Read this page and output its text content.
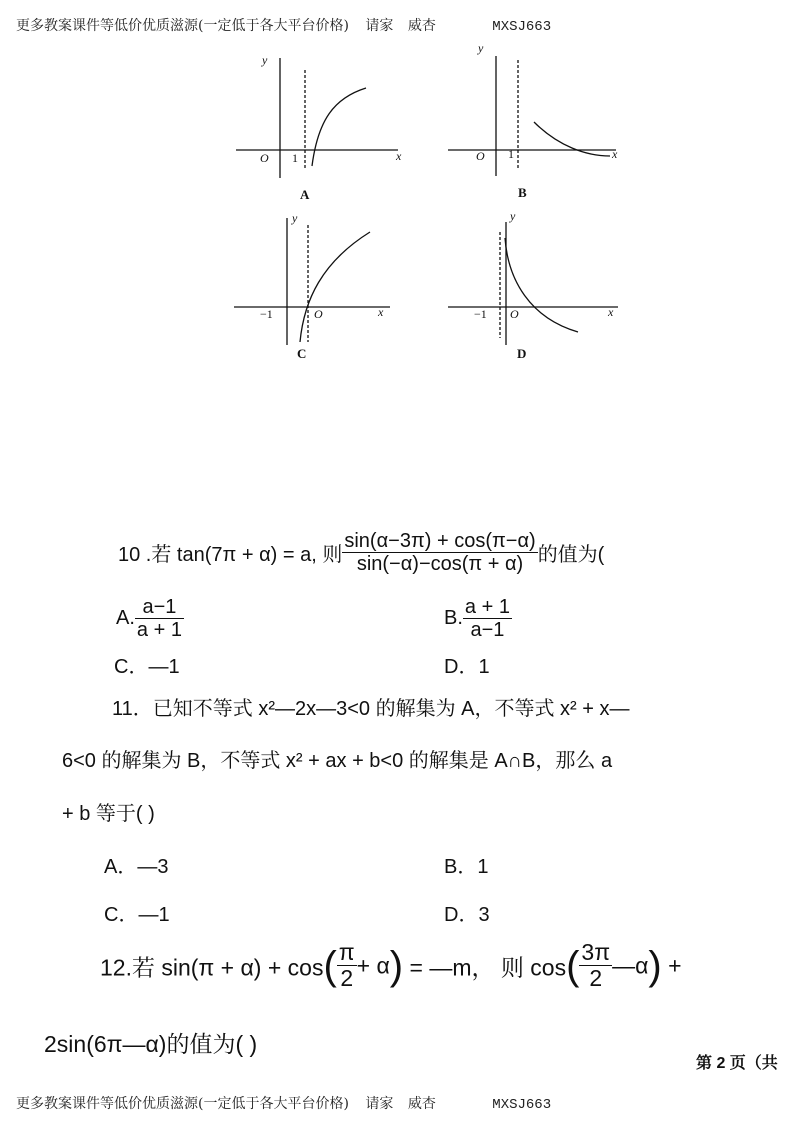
更多教案课件等低价优质滋源(一定低于各大平台价格) 请家 威杏	MXSJ663
y
x
O
y
x
O
y
x
O
y
x
O
1	1
−1	−1
A	B
C	D
10 .若 tan(7π + α) = a, 则 $\frac{\sin(\alpha-3\pi) + \cos(\pi-\alpha)}{\sin(-\alpha)-\cos(\pi + \alpha)}$ 的值为(
A. $\frac{a-1}{a + 1}$	B. $\frac{a + 1}{a-1}$
C．—1	D．1
11．已知不等式 x²—2x—3<0 的解集为 A，不等式 x² + x—
6<0 的解集为 B，不等式 x² + ax + b<0 的解集是 A∩B，那么 a
+ b 等于( )
A．—3	B．1
C．—1	D．3
12.若 $\sin(\pi + \alpha) + \cos( \frac{\pi}{2} + \alpha)$ = —m， 则 $\cos( \frac{3\pi}{2}$ —α) +
2sin(6π—α)的值为( )
第 2 页（共
更多教案课件等低价优质滋源(一定低于各大平台价格) 请家 威杏	MXSJ663
